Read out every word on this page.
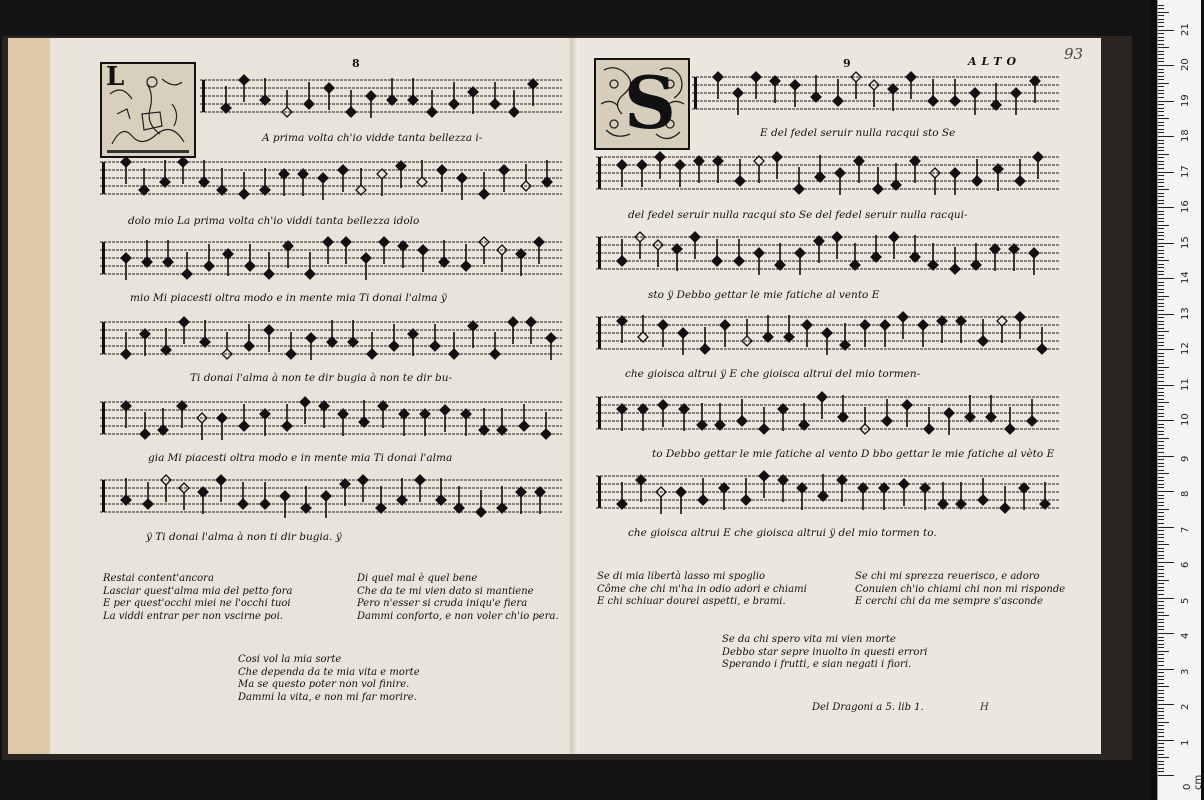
8	9	ALTO	93
L	S
A prima volta ch'io vidde tanta bellezza i-
dolo mio La prima volta ch'io viddi tanta bellezza idolo
mio Mi piacesti oltra modo e in mente mia Ti donai l'alma ÿ
Ti donai l'alma à non te dir bugia à non te dir bu-
gia Mi piacesti oltra modo e in mente mia Ti donai l'alma
ÿ Ti donai l'alma à non ti dir bugia. ÿ
E del fedel seruir nulla racqui sto Se
del fedel seruir nulla racqui sto Se del fedel seruir nulla racqui-
sto ÿ Debbo gettar le mie fatiche al vento E
che gioisca altrui ÿ E che gioisca altrui del mio tormen-
to Debbo gettar le mie fatiche al vento D bbo gettar le mie fatiche al vèto E
che gioisca altrui E che gioisca altrui ÿ del mio tormen to.
Restai content'ancora
Lasciar quest'alma mia del petto fora
E per quest'occhi miei ne l'occhi tuoi
La viddi entrar per non vscirne poi.
Di quel mal è quel bene
Che da te mi vien dato si mantiene
Pero n'esser si cruda iniqu'e fiera
Dammi conforto, e non voler ch'io pera.
Cosi vol la mia sorte
Che dependa da te mia vita e morte
Ma se questo poter non vol finire.
Dammi la vita, e non mi far morire.
Se di mia libertà lasso mi spoglio
Côme che chi m'ha in odio adori e chiami
E chi schiuar dourei aspetti, e brami.
Se chi mi sprezza reuerisco, e adoro
Conuien ch'io chiami chi non mi risponde
E cerchi chi da me sempre s'asconde
Se da chi spero vita mi vien morte
Debbo star sepre inuolto in questi errori
Sperando i frutti, e sian negati i fiori.
Del Dragoni a 5. lib 1.	H
0 cm
1
2
3
4
5
6
7
8
9
10
11
12
13
14
15
16
17
18
19
20
21
